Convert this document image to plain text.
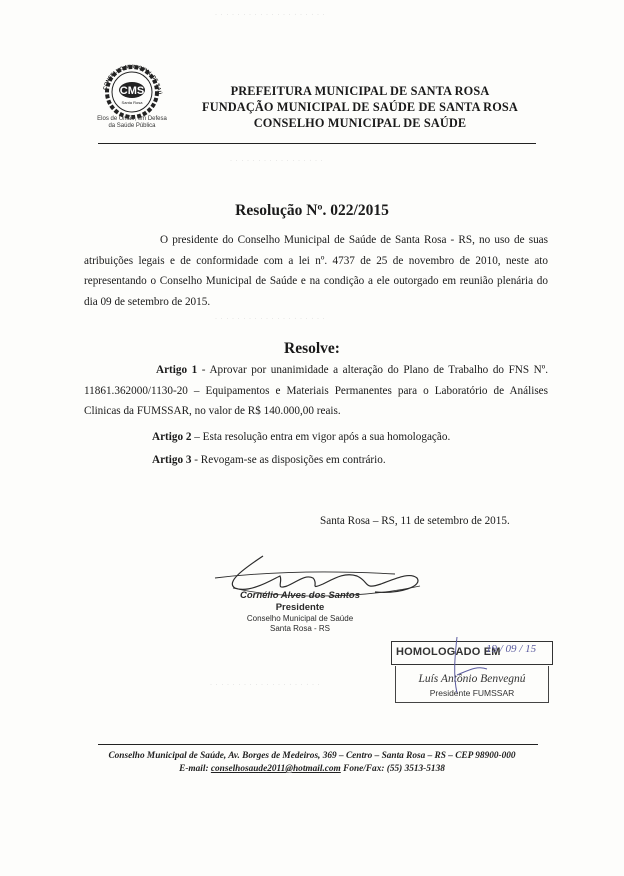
· · · · · · · · · · · · · · · · · · · ·
· · · · · · · · · · · · · · · · ·
· · · · · · · · · · · · · · · · · · · ·
· · · · · · · · · · · · · · · · · · · ·
CONSELHO MUNICIPAL DE SAÚ
CMS
Santa Rosa
Elos de União, em Defesa
da Saúde Pública
PREFEITURA MUNICIPAL DE SANTA ROSA
FUNDAÇÃO MUNICIPAL DE SAÚDE DE SANTA ROSA
CONSELHO MUNICIPAL DE SAÚDE
Resolução Nº. 022/2015
O presidente do Conselho Municipal de Saúde de Santa Rosa - RS, no uso de suas atribuições legais e de conformidade com a lei nº. 4737 de 25 de novembro de 2010, neste ato representando o Conselho Municipal de Saúde e na condição a ele outorgado em reunião plenária do dia 09 de setembro de 2015.
Resolve:
Artigo 1 - Aprovar por unanimidade a alteração do Plano de Trabalho do FNS Nº. 11861.362000/1130-20 – Equipamentos e Materiais Permanentes para o Laboratório de Análises Clinicas da FUMSSAR, no valor de R$ 140.000,00 reais.
Artigo 2 – Esta resolução entra em vigor após a sua homologação.
Artigo 3 - Revogam-se as disposições em contrário.
Santa Rosa – RS, 11 de setembro de 2015.
Cornélio Alves dos Santos
Presidente
Conselho Municipal de Saúde
Santa Rosa - RS
HOMOLOGADO EM
19 / 09 / 15
Luís Antônio Benvegnú
Presidente FUMSSAR
Conselho Municipal de Saúde, Av. Borges de Medeiros, 369 – Centro – Santa Rosa – RS – CEP 98900-000
E-mail: conselhosaude2011@hotmail.com Fone/Fax: (55) 3513-5138
